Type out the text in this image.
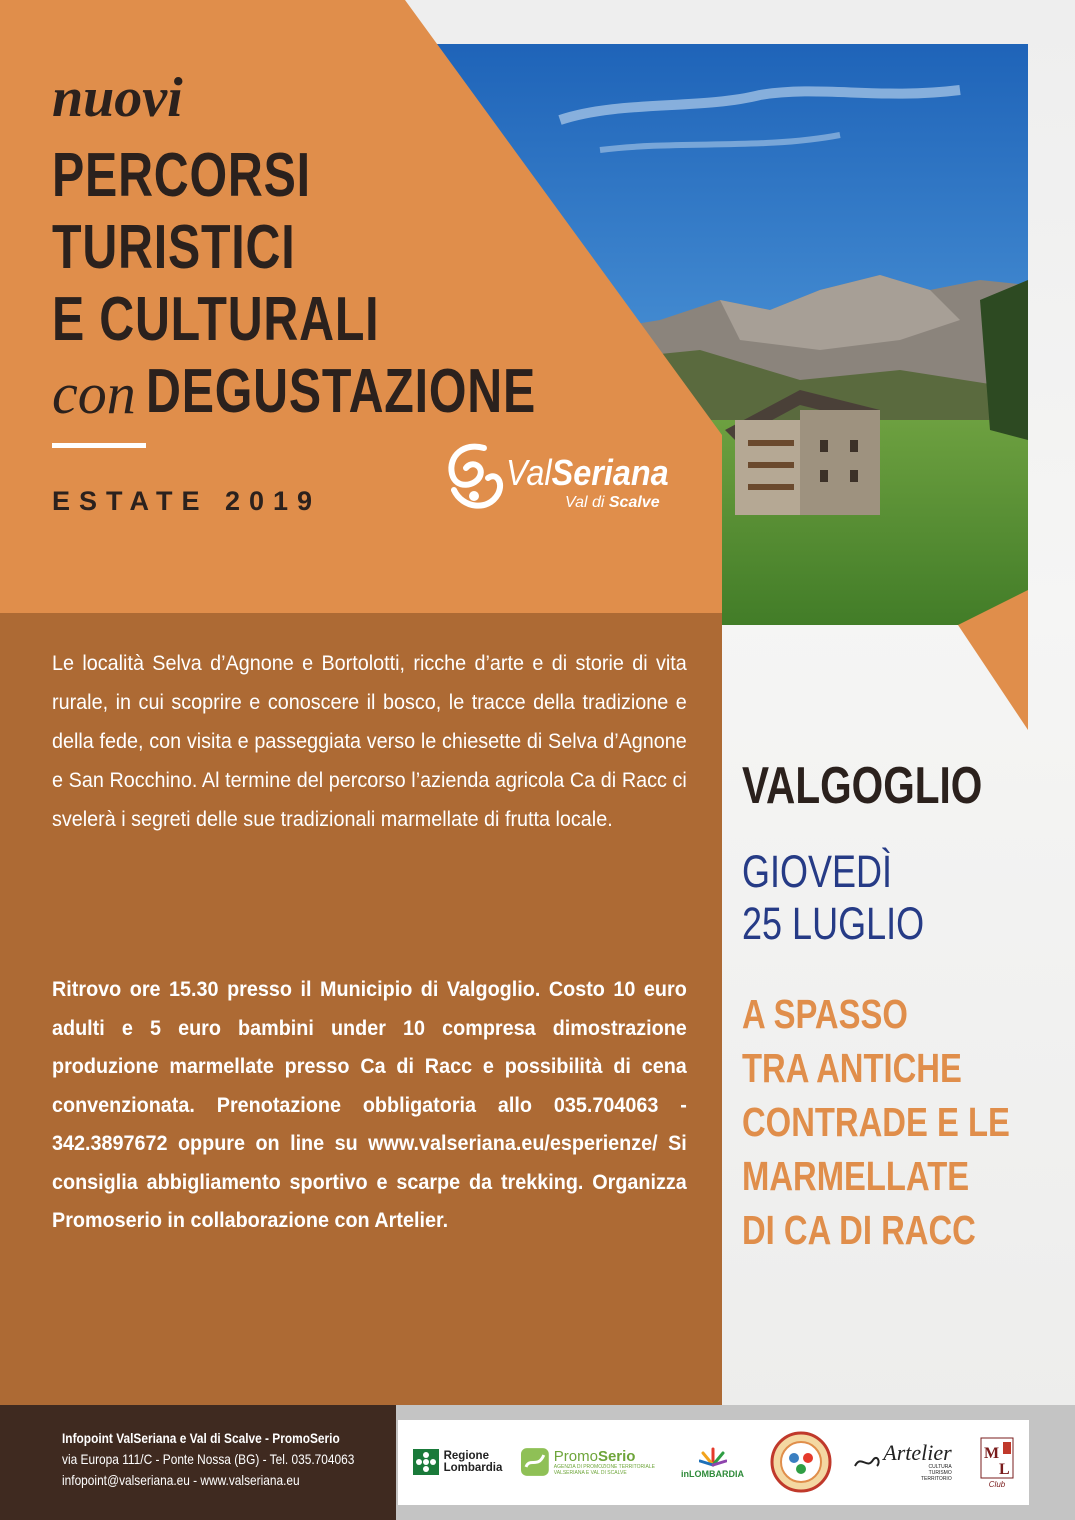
nuovi
PERCORSI
TURISTICI
E CULTURALI
con DEGUSTAZIONE
ESTATE 2019
ValSeriana
Val di Scalve
Le località Selva d’Agnone e Bortolotti, ricche d’arte e di storie di vita rurale, in cui scoprire e conoscere il bosco, le tracce della tradizione e della fede, con visita e passeggiata verso le chiesette di Selva d’Agnone e San Rocchino. Al termine del percorso l’azienda agricola Ca di Racc ci svelerà i segreti delle sue tradizionali marmellate di frutta locale.
Ritrovo ore 15.30 presso il Municipio di Valgoglio. Costo 10 euro adulti e 5 euro bambini under 10 compresa dimostrazione produzione marmellate presso Ca di Racc e possibilità di cena convenzionata. Prenotazione obbligatoria allo 035.704063 - 342.3897672 oppure on line su www.valseriana.eu/esperienze/ Si consiglia abbigliamento sportivo e scarpe da trekking. Organizza Promoserio in collaborazione con Artelier.
VALGOGLIO
GIOVEDÌ
25 LUGLIO
A SPASSO
TRA ANTICHE
CONTRADE E LE
MARMELLATE
DI CA DI RACC
Infopoint ValSeriana e Val di Scalve - PromoSerio
via Europa 111/C - Ponte Nossa (BG) - Tel. 035.704063
infopoint@valseriana.eu - www.valseriana.eu
Regione
Lombardia
PromoSerio
AGENZIA DI PROMOZIONE TERRITORIALE
VALSERIANA E VAL DI SCALVE	inLOMBARDIA
Artelier
CULTURA
TURISMO
TERRITORIO
M
L
Club
